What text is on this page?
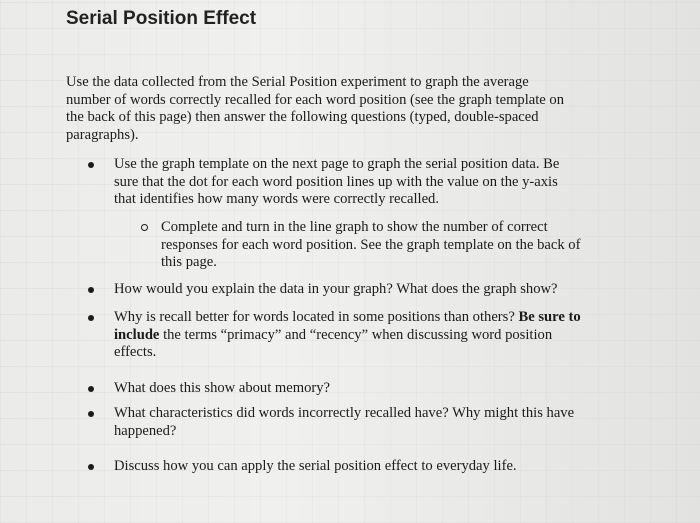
Serial Position Effect
Use the data collected from the Serial Position experiment to graph the average number of words correctly recalled for each word position (see the graph template on the back of this page) then answer the following questions (typed, double-spaced paragraphs).
Use the graph template on the next page to graph the serial position data. Be sure that the dot for each word position lines up with the value on the y-axis that identifies how many words were correctly recalled.
Complete and turn in the line graph to show the number of correct responses for each word position. See the graph template on the back of this page.
How would you explain the data in your graph? What does the graph show?
Why is recall better for words located in some positions than others? Be sure to include the terms “primacy” and “recency” when discussing word position effects.
What does this show about memory?
What characteristics did words incorrectly recalled have? Why might this have happened?
Discuss how you can apply the serial position effect to everyday life.
